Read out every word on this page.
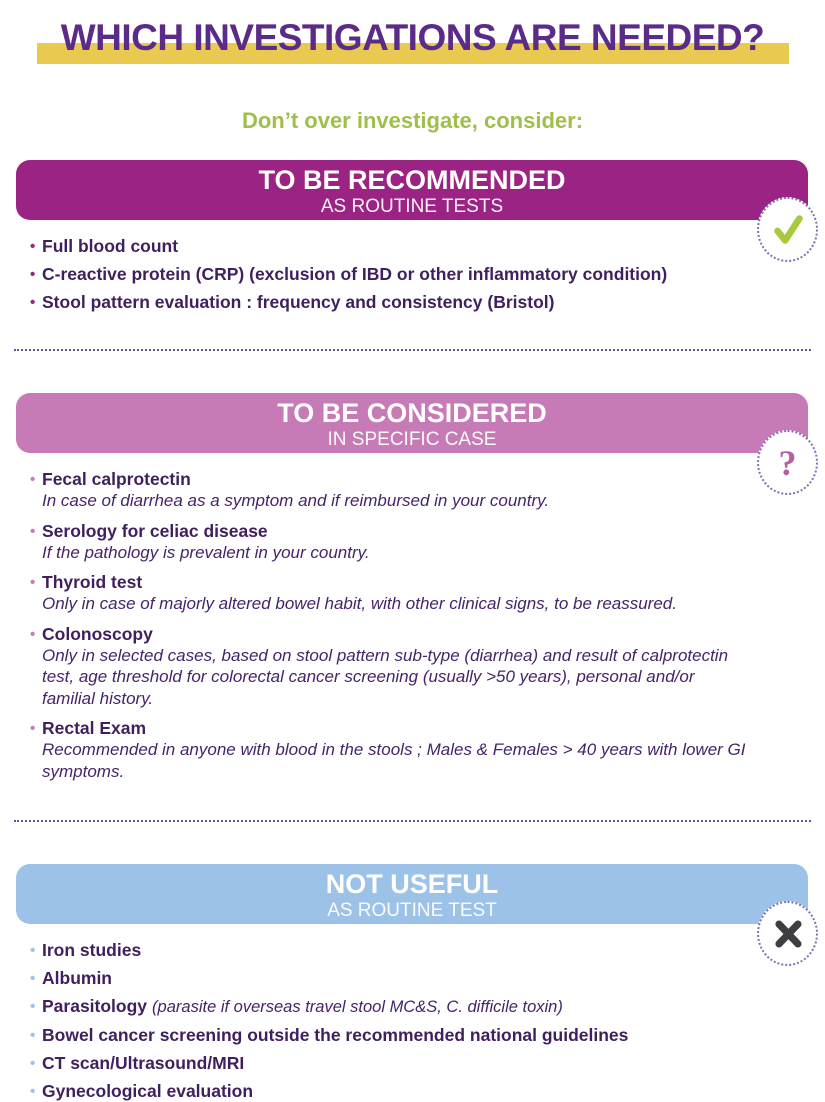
WHICH INVESTIGATIONS ARE NEEDED?
Don’t over investigate, consider:
TO BE RECOMMENDED
AS ROUTINE TESTS
• Full blood count
• C-reactive protein (CRP) (exclusion of IBD or other inflammatory condition)
• Stool pattern evaluation : frequency and consistency (Bristol)
TO BE CONSIDERED
IN SPECIFIC CASE
?
• Fecal calprotectin
In case of diarrhea as a symptom and if reimbursed in your country.
• Serology for celiac disease
If the pathology is prevalent in your country.
• Thyroid test
Only in case of majorly altered bowel habit, with other clinical signs, to be reassured.
• Colonoscopy
Only in selected cases, based on stool pattern sub-type (diarrhea) and result of calprotectin test, age threshold for colorectal cancer screening (usually >50 years), personal and/or familial history.
• Rectal Exam
Recommended in anyone with blood in the stools ; Males & Females > 40 years with lower GI symptoms.
NOT USEFUL
AS ROUTINE TEST
• Iron studies
• Albumin
• Parasitology (parasite if overseas travel stool MC&S, C. difficile toxin)
• Bowel cancer screening outside the recommended national guidelines
• CT scan/Ultrasound/MRI
• Gynecological evaluation
